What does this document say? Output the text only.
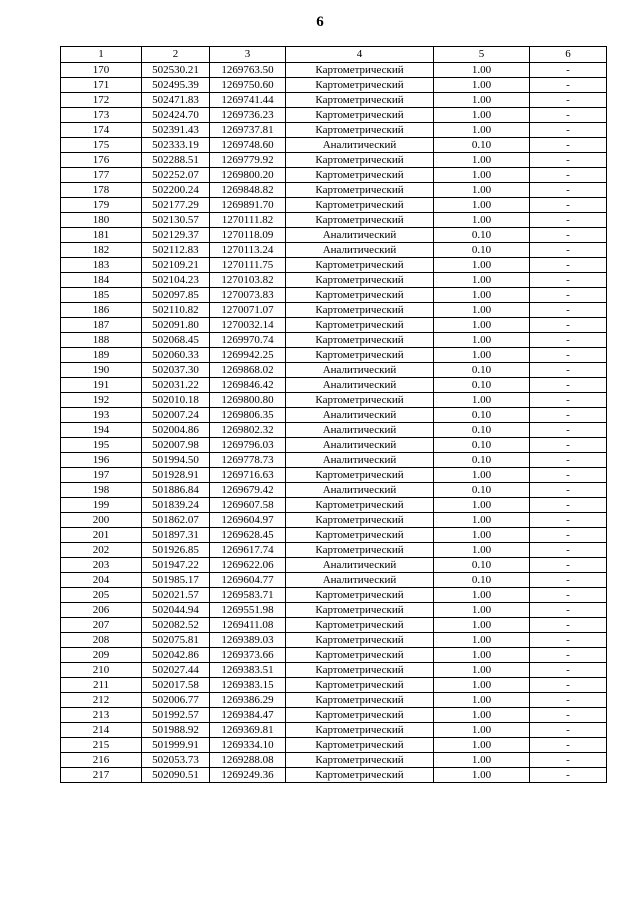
6
1	2	3	4	5	6
170	502530.21	1269763.50	Картометрический	1.00	-
171	502495.39	1269750.60	Картометрический	1.00	-
172	502471.83	1269741.44	Картометрический	1.00	-
173	502424.70	1269736.23	Картометрический	1.00	-
174	502391.43	1269737.81	Картометрический	1.00	-
175	502333.19	1269748.60	Аналитический	0.10	-
176	502288.51	1269779.92	Картометрический	1.00	-
177	502252.07	1269800.20	Картометрический	1.00	-
178	502200.24	1269848.82	Картометрический	1.00	-
179	502177.29	1269891.70	Картометрический	1.00	-
180	502130.57	1270111.82	Картометрический	1.00	-
181	502129.37	1270118.09	Аналитический	0.10	-
182	502112.83	1270113.24	Аналитический	0.10	-
183	502109.21	1270111.75	Картометрический	1.00	-
184	502104.23	1270103.82	Картометрический	1.00	-
185	502097.85	1270073.83	Картометрический	1.00	-
186	502110.82	1270071.07	Картометрический	1.00	-
187	502091.80	1270032.14	Картометрический	1.00	-
188	502068.45	1269970.74	Картометрический	1.00	-
189	502060.33	1269942.25	Картометрический	1.00	-
190	502037.30	1269868.02	Аналитический	0.10	-
191	502031.22	1269846.42	Аналитический	0.10	-
192	502010.18	1269800.80	Картометрический	1.00	-
193	502007.24	1269806.35	Аналитический	0.10	-
194	502004.86	1269802.32	Аналитический	0.10	-
195	502007.98	1269796.03	Аналитический	0.10	-
196	501994.50	1269778.73	Аналитический	0.10	-
197	501928.91	1269716.63	Картометрический	1.00	-
198	501886.84	1269679.42	Аналитический	0.10	-
199	501839.24	1269607.58	Картометрический	1.00	-
200	501862.07	1269604.97	Картометрический	1.00	-
201	501897.31	1269628.45	Картометрический	1.00	-
202	501926.85	1269617.74	Картометрический	1.00	-
203	501947.22	1269622.06	Аналитический	0.10	-
204	501985.17	1269604.77	Аналитический	0.10	-
205	502021.57	1269583.71	Картометрический	1.00	-
206	502044.94	1269551.98	Картометрический	1.00	-
207	502082.52	1269411.08	Картометрический	1.00	-
208	502075.81	1269389.03	Картометрический	1.00	-
209	502042.86	1269373.66	Картометрический	1.00	-
210	502027.44	1269383.51	Картометрический	1.00	-
211	502017.58	1269383.15	Картометрический	1.00	-
212	502006.77	1269386.29	Картометрический	1.00	-
213	501992.57	1269384.47	Картометрический	1.00	-
214	501988.92	1269369.81	Картометрический	1.00	-
215	501999.91	1269334.10	Картометрический	1.00	-
216	502053.73	1269288.08	Картометрический	1.00	-
217	502090.51	1269249.36	Картометрический	1.00	-
